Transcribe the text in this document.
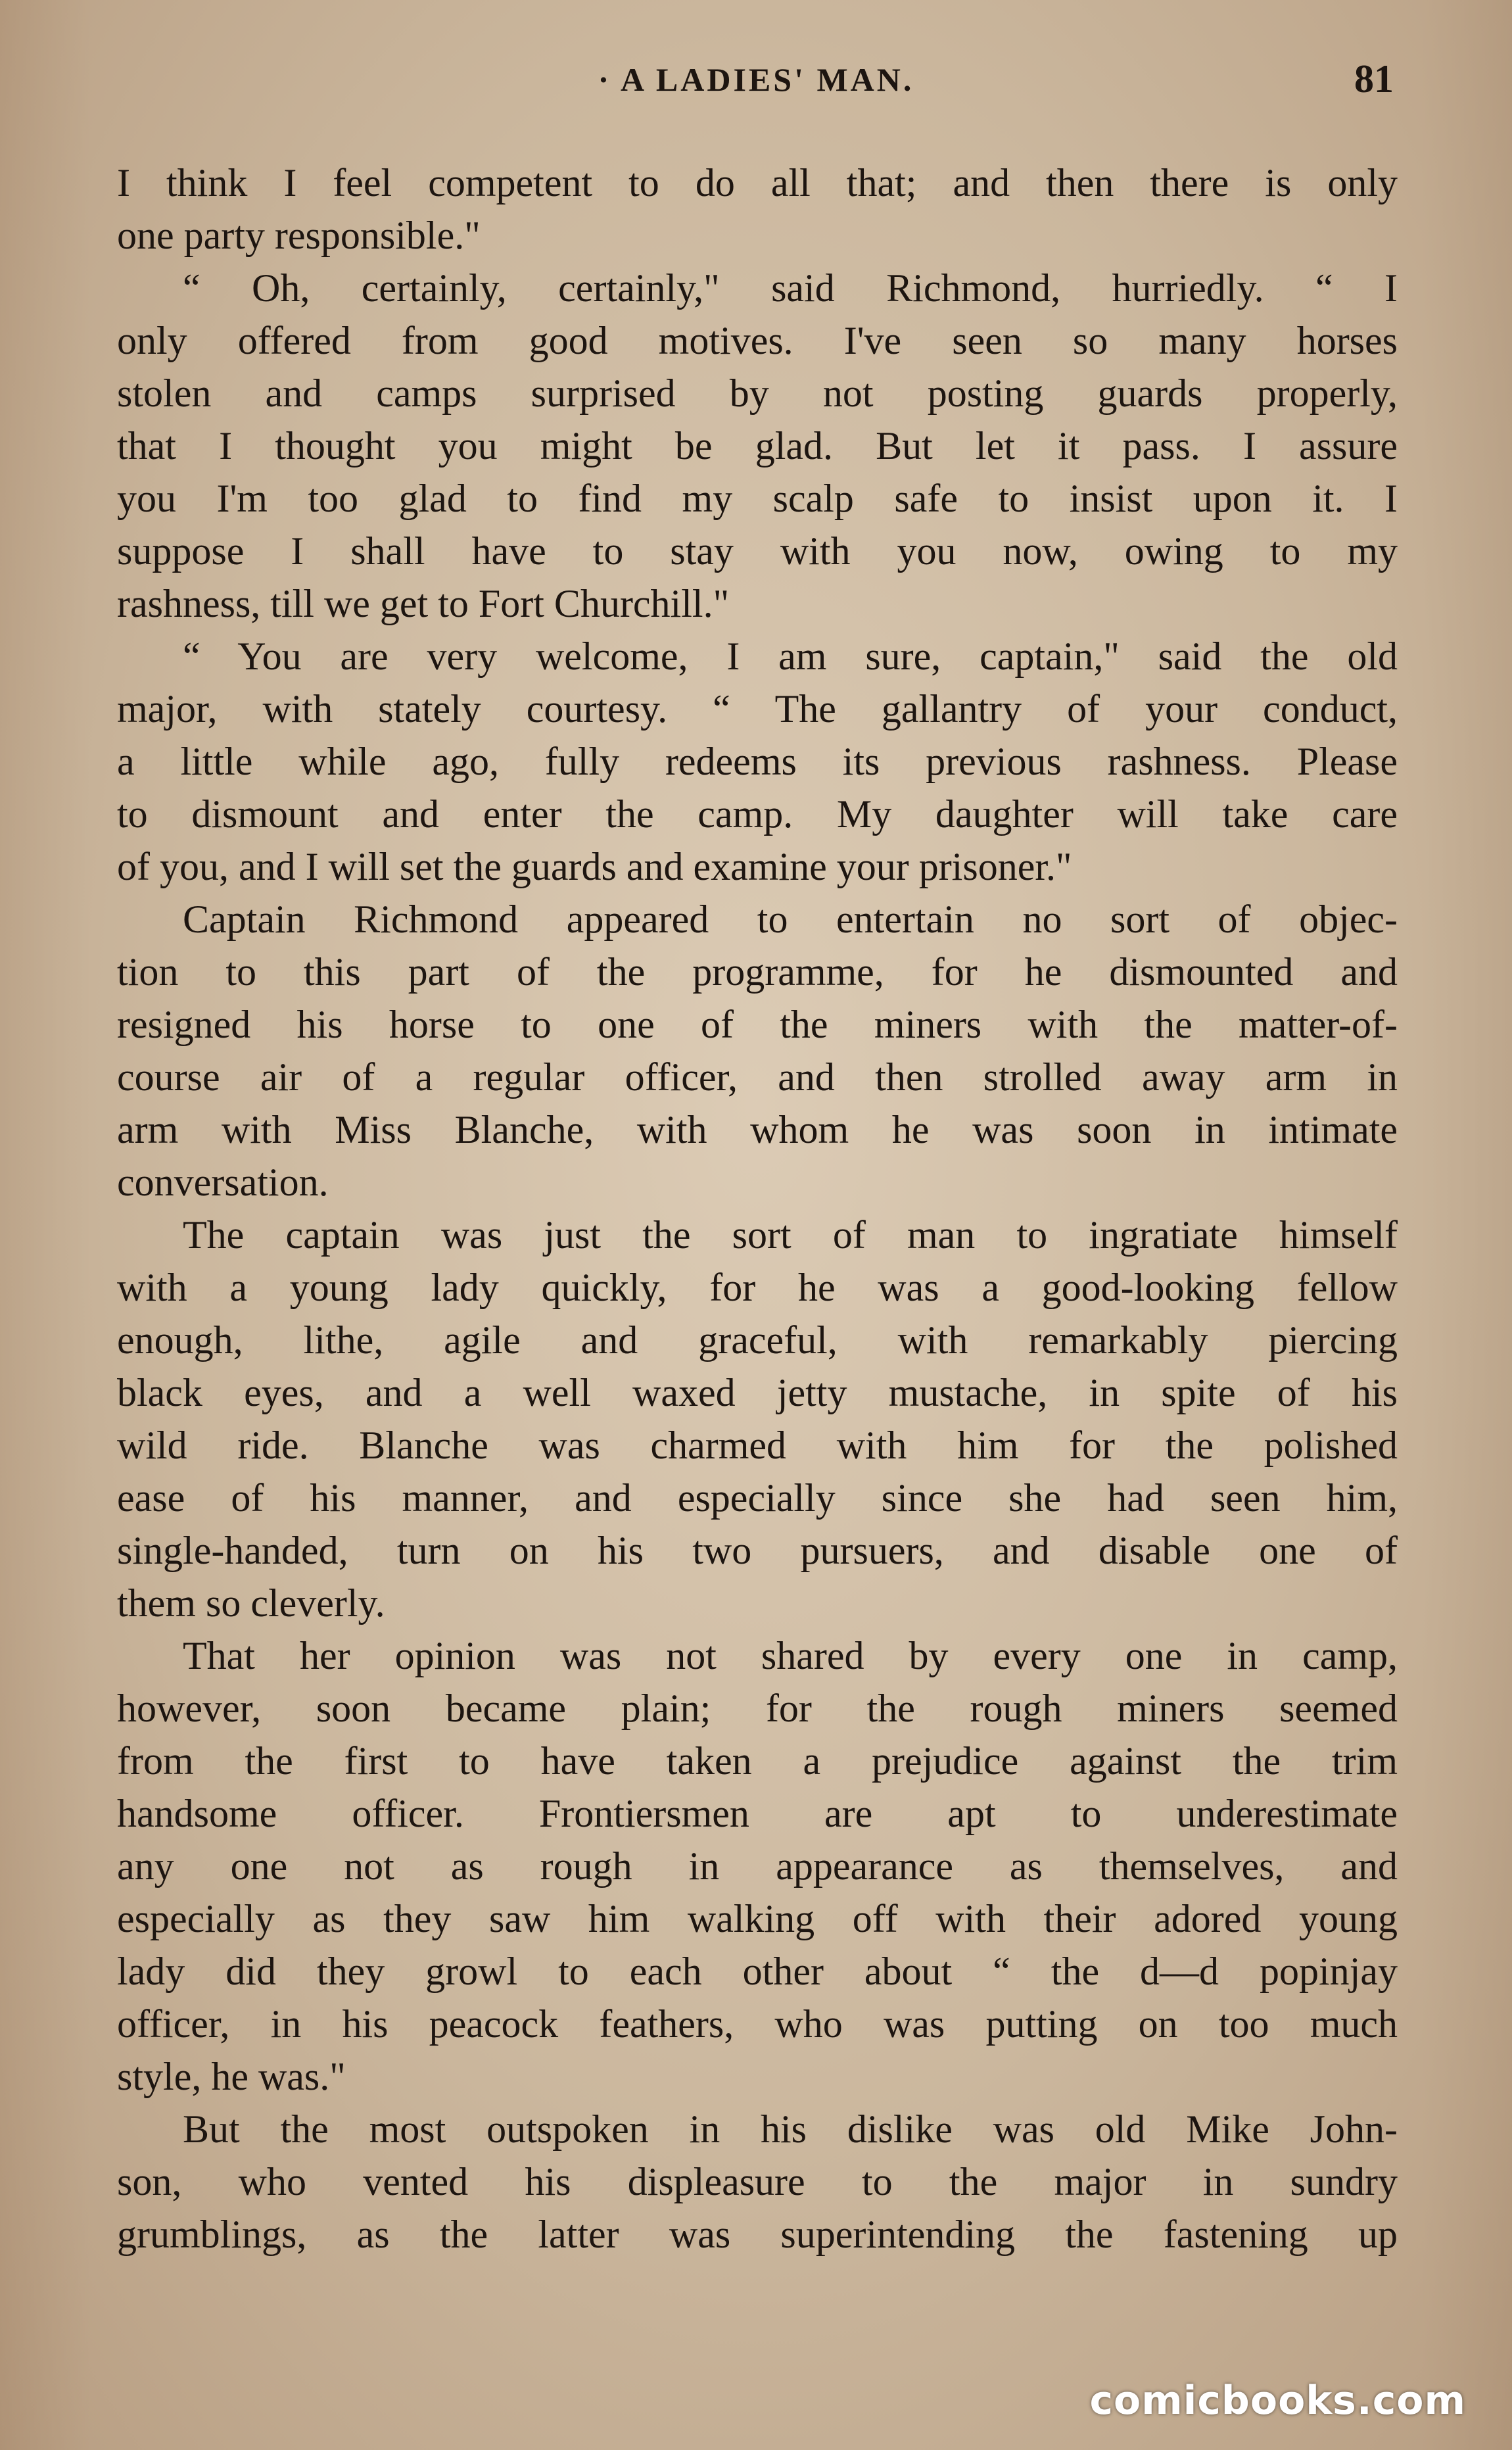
· A LADIES' MAN.	81
I think I feel competent to do all that; and then there is only
one party responsible."
“ Oh, certainly, certainly," said Richmond, hurriedly. “ I
only offered from good motives. I've seen so many horses
stolen and camps surprised by not posting guards properly,
that I thought you might be glad. But let it pass. I assure
you I'm too glad to find my scalp safe to insist upon it. I
suppose I shall have to stay with you now, owing to my
rashness, till we get to Fort Churchill."
“ You are very welcome, I am sure, captain," said the old
major, with stately courtesy. “ The gallantry of your conduct,
a little while ago, fully redeems its previous rashness. Please
to dismount and enter the camp. My daughter will take care
of you, and I will set the guards and examine your prisoner."
Captain Richmond appeared to entertain no sort of objec-
tion to this part of the programme, for he dismounted and
resigned his horse to one of the miners with the matter-of-
course air of a regular officer, and then strolled away arm in
arm with Miss Blanche, with whom he was soon in intimate
conversation.
The captain was just the sort of man to ingratiate himself
with a young lady quickly, for he was a good-looking fellow
enough, lithe, agile and graceful, with remarkably piercing
black eyes, and a well waxed jetty mustache, in spite of his
wild ride. Blanche was charmed with him for the polished
ease of his manner, and especially since she had seen him,
single-handed, turn on his two pursuers, and disable one of
them so cleverly.
That her opinion was not shared by every one in camp,
however, soon became plain; for the rough miners seemed
from the first to have taken a prejudice against the trim
handsome officer. Frontiersmen are apt to underestimate
any one not as rough in appearance as themselves, and
especially as they saw him walking off with their adored young
lady did they growl to each other about “ the d—d popinjay
officer, in his peacock feathers, who was putting on too much
style, he was."
But the most outspoken in his dislike was old Mike John-
son, who vented his displeasure to the major in sundry
grumblings, as the latter was superintending the fastening up
comicbooks.com
